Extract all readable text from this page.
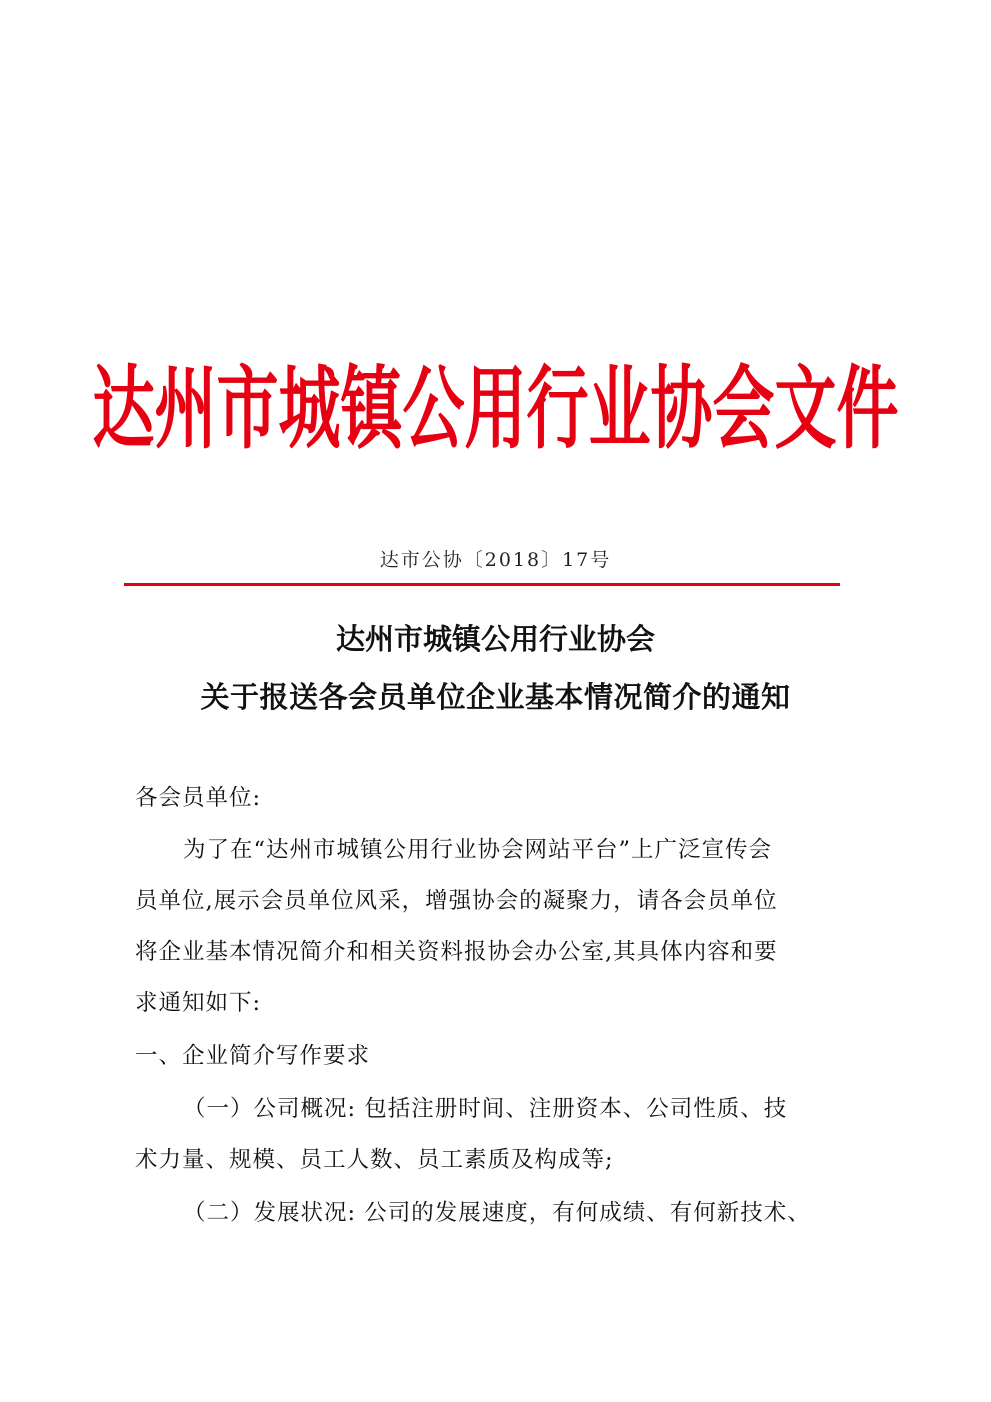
达州市城镇公用行业协会文件
达市公协〔2018〕17号
达州市城镇公用行业协会
关于报送各会员单位企业基本情况简介的通知
各会员单位:
为了在“达州市城镇公用行业协会网站平台”上广泛宣传会
员单位,展示会员单位风采，增强协会的凝聚力，请各会员单位
将企业基本情况简介和相关资料报协会办公室,其具体内容和要
求通知如下:
一、企业简介写作要求
（一）公司概况: 包括注册时间、注册资本、公司性质、技
术力量、规模、员工人数、员工素质及构成等;
（二）发展状况: 公司的发展速度，有何成绩、有何新技术、
